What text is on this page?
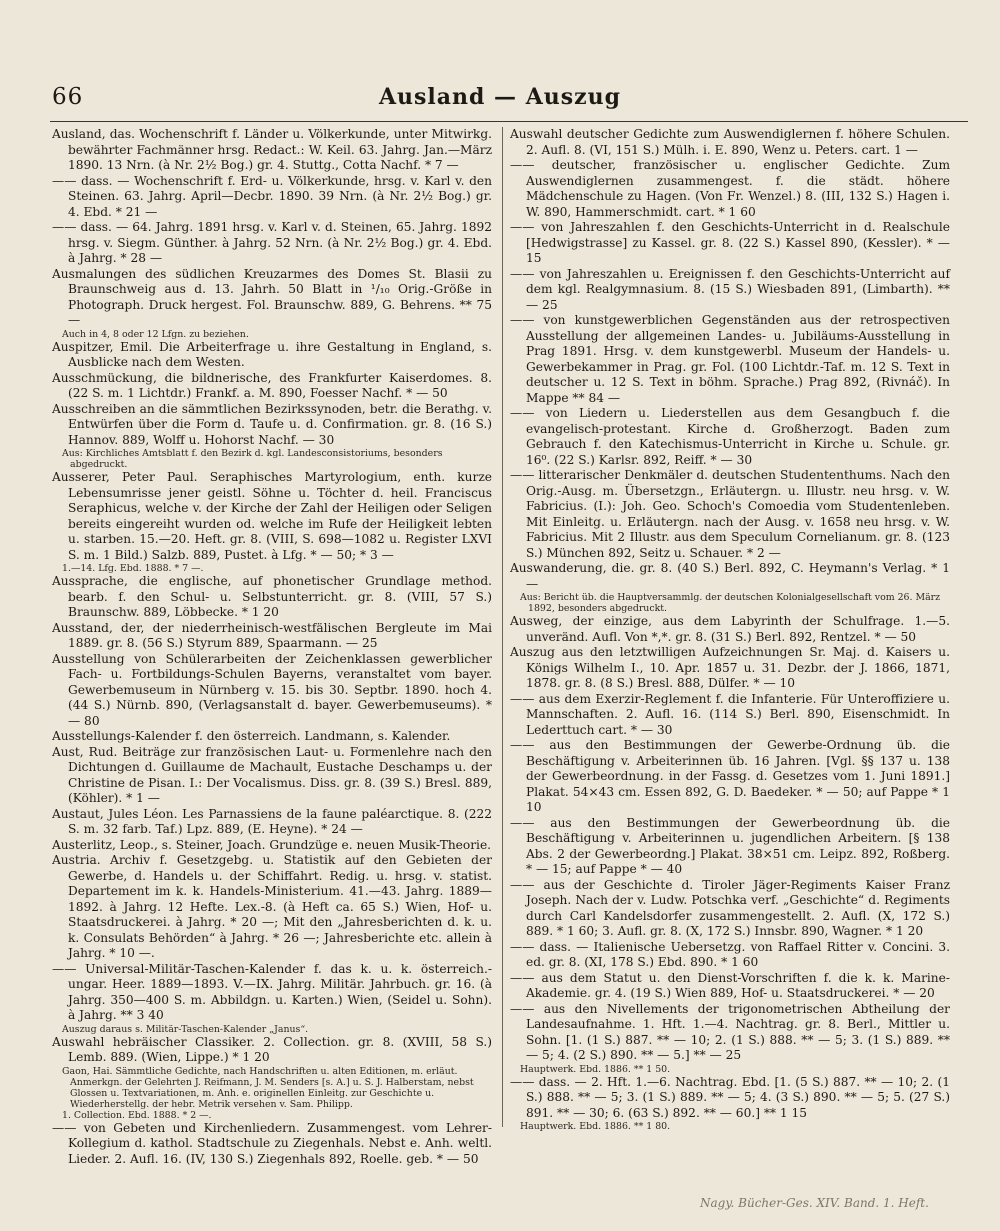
66	Ausland — Auszug

Ausland, das. Wochenschrift f. Länder u. Völkerkunde, unter Mitwirkg. bewährter Fachmänner hrsg. Redact.: W. Keil. 63. Jahrg. Jan.—März 1890. 13 Nrn. (à Nr. 2½ Bog.) gr. 4. Stuttg., Cotta Nachf. * 7 —

—— dass. — Wochenschrift f. Erd- u. Völkerkunde, hrsg. v. Karl v. den Steinen. 63. Jahrg. April—Decbr. 1890. 39 Nrn. (à Nr. 2½ Bog.) gr. 4. Ebd. * 21 —

—— dass. — 64. Jahrg. 1891 hrsg. v. Karl v. d. Steinen, 65. Jahrg. 1892 hrsg. v. Siegm. Günther. à Jahrg. 52 Nrn. (à Nr. 2½ Bog.) gr. 4. Ebd. à Jahrg. * 28 —

Ausmalungen des südlichen Kreuzarmes des Domes St. Blasii zu Braunschweig aus d. 13. Jahrh. 50 Blatt in ¹/₁₀ Orig.-Größe in Photograph. Druck hergest. Fol. Braunschw. 889, G. Behrens. ** 75 —

Auch in 4, 8 oder 12 Lfgn. zu beziehen.

Auspitzer, Emil. Die Arbeiterfrage u. ihre Gestaltung in England, s. Ausblicke nach dem Westen.

Ausschmückung, die bildnerische, des Frankfurter Kaiserdomes. 8. (22 S. m. 1 Lichtdr.) Frankf. a. M. 890, Foesser Nachf. * — 50

Ausschreiben an die sämmtlichen Bezirkssynoden, betr. die Berathg. v. Entwürfen über die Form d. Taufe u. d. Confirmation. gr. 8. (16 S.) Hannov. 889, Wolff u. Hohorst Nachf. — 30

Aus: Kirchliches Amtsblatt f. den Bezirk d. kgl. Landesconsistoriums, besonders abgedruckt.

Ausserer, Peter Paul. Seraphisches Martyrologium, enth. kurze Lebensumrisse jener geistl. Söhne u. Töchter d. heil. Franciscus Seraphicus, welche v. der Kirche der Zahl der Heiligen oder Seligen bereits eingereiht wurden od. welche im Rufe der Heiligkeit lebten u. starben. 15.—20. Heft. gr. 8. (VIII, S. 698—1082 u. Register LXVI S. m. 1 Bild.) Salzb. 889, Pustet. à Lfg. * — 50; * 3 —

1.—14. Lfg. Ebd. 1888. * 7 —.

Aussprache, die englische, auf phonetischer Grundlage method. bearb. f. den Schul- u. Selbstunterricht. gr. 8. (VIII, 57 S.) Braunschw. 889, Löbbecke. * 1 20

Ausstand, der, der niederrheinisch-westfälischen Bergleute im Mai 1889. gr. 8. (56 S.) Styrum 889, Spaarmann. — 25

Ausstellung von Schülerarbeiten der Zeichenklassen gewerblicher Fach- u. Fortbildungs-Schulen Bayerns, veranstaltet vom bayer. Gewerbemuseum in Nürnberg v. 15. bis 30. Septbr. 1890. hoch 4. (44 S.) Nürnb. 890, (Verlagsanstalt d. bayer. Gewerbemuseums). * — 80

Ausstellungs-Kalender f. den österreich. Landmann, s. Kalender.

Aust, Rud. Beiträge zur französischen Laut- u. Formenlehre nach den Dichtungen d. Guillaume de Machault, Eustache Deschamps u. der Christine de Pisan. I.: Der Vocalismus. Diss. gr. 8. (39 S.) Bresl. 889, (Köhler). * 1 —

Austaut, Jules Léon. Les Parnassiens de la faune paléarctique. 8. (222 S. m. 32 farb. Taf.) Lpz. 889, (E. Heyne). * 24 —

Austerlitz, Leop., s. Steiner, Joach. Grundzüge e. neuen Musik-Theorie.

Austria. Archiv f. Gesetzgebg. u. Statistik auf den Gebieten der Gewerbe, d. Handels u. der Schiffahrt. Redig. u. hrsg. v. statist. Departement im k. k. Handels-Ministerium. 41.—43. Jahrg. 1889—1892. à Jahrg. 12 Hefte. Lex.-8. (à Heft ca. 65 S.) Wien, Hof- u. Staatsdruckerei. à Jahrg. * 20 —; Mit den „Jahresberichten d. k. u. k. Consulats Behörden“ à Jahrg. * 26 —; Jahresberichte etc. allein à Jahrg. * 10 —.

—— Universal-Militär-Taschen-Kalender f. das k. u. k. österreich.-ungar. Heer. 1889—1893. V.—IX. Jahrg. Militär. Jahrbuch. gr. 16. (à Jahrg. 350—400 S. m. Abbildgn. u. Karten.) Wien, (Seidel u. Sohn). à Jahrg. ** 3 40

Auszug daraus s. Militär-Taschen-Kalender „Janus“.

Auswahl hebräischer Classiker. 2. Collection. gr. 8. (XVIII, 58 S.) Lemb. 889. (Wien, Lippe.) * 1 20

Gaon, Hai. Sämmtliche Gedichte, nach Handschriften u. alten Editionen, m. erläut. Anmerkgn. der Gelehrten J. Reifmann, J. M. Senders [s. A.] u. S. J. Halberstam, nebst Glossen u. Textvariationen, m. Anh. e. originellen Einleitg. zur Geschichte u. Wiederherstellg. der hebr. Metrik versehen v. Sam. Philipp.

1. Collection. Ebd. 1888. * 2 —.

—— von Gebeten und Kirchenliedern. Zusammengest. vom Lehrer-Kollegium d. kathol. Stadtschule zu Ziegenhals. Nebst e. Anh. weltl. Lieder. 2. Aufl. 16. (IV, 130 S.) Ziegenhals 892, Roelle. geb. * — 50

Auswahl deutscher Gedichte zum Auswendiglernen f. höhere Schulen. 2. Aufl. 8. (VI, 151 S.) Mülh. i. E. 890, Wenz u. Peters. cart. 1 —

—— deutscher, französischer u. englischer Gedichte. Zum Auswendiglernen zusammengest. f. die städt. höhere Mädchenschule zu Hagen. (Von Fr. Wenzel.) 8. (III, 132 S.) Hagen i. W. 890, Hammerschmidt. cart. * 1 60

—— von Jahreszahlen f. den Geschichts-Unterricht in d. Realschule [Hedwigstrasse] zu Kassel. gr. 8. (22 S.) Kassel 890, (Kessler). * — 15

—— von Jahreszahlen u. Ereignissen f. den Geschichts-Unterricht auf dem kgl. Realgymnasium. 8. (15 S.) Wiesbaden 891, (Limbarth). ** — 25

—— von kunstgewerblichen Gegenständen aus der retrospectiven Ausstellung der allgemeinen Landes- u. Jubiläums-Ausstellung in Prag 1891. Hrsg. v. dem kunstgewerbl. Museum der Handels- u. Gewerbekammer in Prag. gr. Fol. (100 Lichtdr.-Taf. m. 12 S. Text in deutscher u. 12 S. Text in böhm. Sprache.) Prag 892, (Rivnáč). In Mappe ** 84 —

—— von Liedern u. Liederstellen aus dem Gesangbuch f. die evangelisch-protestant. Kirche d. Großherzogt. Baden zum Gebrauch f. den Katechismus-Unterricht in Kirche u. Schule. gr. 16⁰. (22 S.) Karlsr. 892, Reiff. * — 30

—— litterarischer Denkmäler d. deutschen Studententhums. Nach den Orig.-Ausg. m. Übersetzgn., Erläutergn. u. Illustr. neu hrsg. v. W. Fabricius. (I.): Joh. Geo. Schoch's Comoedia vom Studentenleben. Mit Einleitg. u. Erläutergn. nach der Ausg. v. 1658 neu hrsg. v. W. Fabricius. Mit 2 Illustr. aus dem Speculum Cornelianum. gr. 8. (123 S.) München 892, Seitz u. Schauer. * 2 —

Auswanderung, die. gr. 8. (40 S.) Berl. 892, C. Heymann's Verlag. * 1 —

Aus: Bericht üb. die Hauptversammlg. der deutschen Kolonialgesellschaft vom 26. März 1892, besonders abgedruckt.

Ausweg, der einzige, aus dem Labyrinth der Schulfrage. 1.—5. unveränd. Aufl. Von *,*. gr. 8. (31 S.) Berl. 892, Rentzel. * — 50

Auszug aus den letztwilligen Aufzeichnungen Sr. Maj. d. Kaisers u. Königs Wilhelm I., 10. Apr. 1857 u. 31. Dezbr. der J. 1866, 1871, 1878. gr. 8. (8 S.) Bresl. 888, Dülfer. * — 10

—— aus dem Exerzir-Reglement f. die Infanterie. Für Unteroffiziere u. Mannschaften. 2. Aufl. 16. (114 S.) Berl. 890, Eisenschmidt. In Lederttuch cart. * — 30

—— aus den Bestimmungen der Gewerbe-Ordnung üb. die Beschäftigung v. Arbeiterinnen üb. 16 Jahren. [Vgl. §§ 137 u. 138 der Gewerbeordnung. in der Fassg. d. Gesetzes vom 1. Juni 1891.] Plakat. 54×43 cm. Essen 892, G. D. Baedeker. * — 50; auf Pappe * 1 10

—— aus den Bestimmungen der Gewerbeordnung üb. die Beschäftigung v. Arbeiterinnen u. jugendlichen Arbeitern. [§ 138 Abs. 2 der Gewerbeordng.] Plakat. 38×51 cm. Leipz. 892, Roßberg. * — 15; auf Pappe * — 40

—— aus der Geschichte d. Tiroler Jäger-Regiments Kaiser Franz Joseph. Nach der v. Ludw. Potschka verf. „Geschichte“ d. Regiments durch Carl Kandelsdorfer zusammengestellt. 2. Aufl. (X, 172 S.) 889. * 1 60; 3. Aufl. gr. 8. (X, 172 S.) Innsbr. 890, Wagner. * 1 20

—— dass. — Italienische Uebersetzg. von Raffael Ritter v. Concini. 3. ed. gr. 8. (XI, 178 S.) Ebd. 890. * 1 60

—— aus dem Statut u. den Dienst-Vorschriften f. die k. k. Marine-Akademie. gr. 4. (19 S.) Wien 889, Hof- u. Staatsdruckerei. * — 20

—— aus den Nivellements der trigonometrischen Abtheilung der Landesaufnahme. 1. Hft. 1.—4. Nachtrag. gr. 8. Berl., Mittler u. Sohn. [1. (1 S.) 887. ** — 10; 2. (1 S.) 888. ** — 5; 3. (1 S.) 889. ** — 5; 4. (2 S.) 890. ** — 5.] ** — 25

Hauptwerk. Ebd. 1886. ** 1 50.

—— dass. — 2. Hft. 1.—6. Nachtrag. Ebd. [1. (5 S.) 887. ** — 10; 2. (1 S.) 888. ** — 5; 3. (1 S.) 889. ** — 5; 4. (3 S.) 890. ** — 5; 5. (27 S.) 891. ** — 30; 6. (63 S.) 892. ** — 60.] ** 1 15

Hauptwerk. Ebd. 1886. ** 1 80.

Nagy. Bücher-Ges. XIV. Band. 1. Heft.
